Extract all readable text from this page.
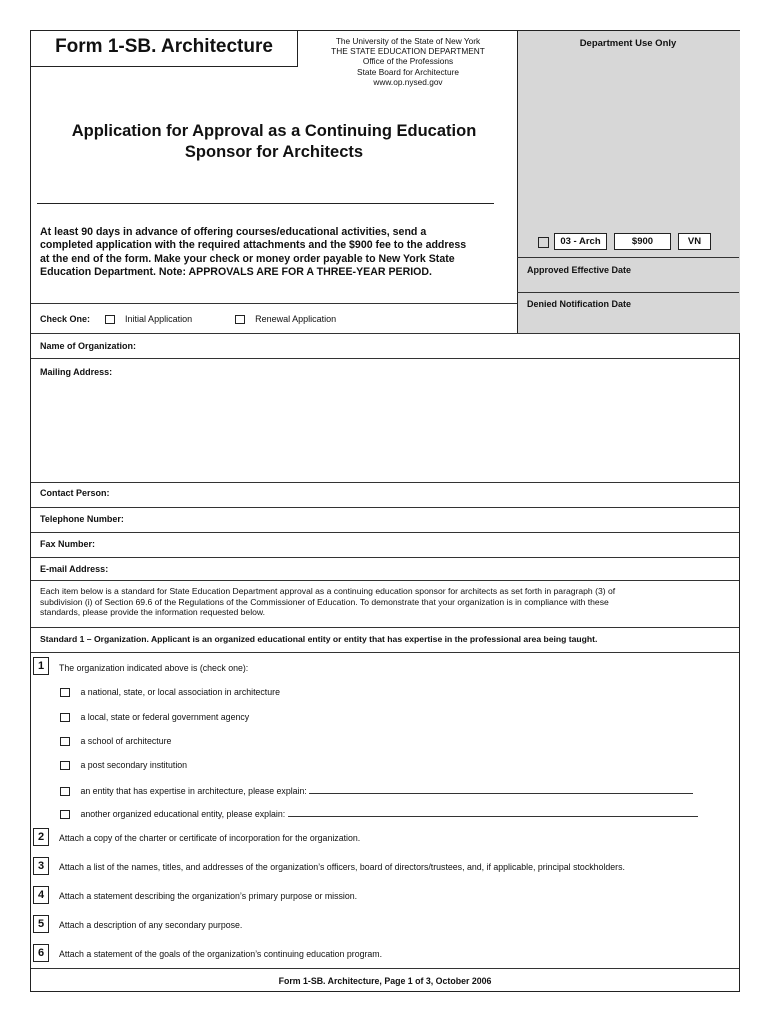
Form 1-SB. Architecture	The University of the State of New York
THE STATE EDUCATION DEPARTMENT
Office of the Professions
State Board for Architecture
www.op.nysed.gov
Application for Approval as a Continuing Education
Sponsor for Architects
At least 90 days in advance of offering courses/educational activities, send a
completed application with the required attachments and the $900 fee to the address
at the end of the form. Make your check or money order payable to New York State
Education Department. Note: APPROVALS ARE FOR A THREE-YEAR PERIOD.
Department Use Only
03 - Arch	$900	VN
Approved Effective Date
Denied Notification Date
Check One:	Initial Application	Renewal Application
Name of Organization:
Mailing Address:
Contact Person:
Telephone Number:
Fax Number:
E-mail Address:
Each item below is a standard for State Education Department approval as a continuing education sponsor for architects as set forth in paragraph (3) of
subdivision (i) of Section 69.6 of the Regulations of the Commissioner of Education. To demonstrate that your organization is in compliance with these
standards, please provide the information requested below.
Standard 1 – Organization. Applicant is an organized educational entity or entity that has expertise in the professional area being taught.
1	The organization indicated above is (check one):
a national, state, or local association in architecture
a local, state or federal government agency
a school of architecture
a post secondary institution
an entity that has expertise in architecture, please explain:
another organized educational entity, please explain:
2	Attach a copy of the charter or certificate of incorporation for the organization.
3	Attach a list of the names, titles, and addresses of the organization’s officers, board of directors/trustees, and, if applicable, principal stockholders.
4	Attach a statement describing the organization’s primary purpose or mission.
5	Attach a description of any secondary purpose.
6	Attach a statement of the goals of the organization’s continuing education program.
Form 1-SB. Architecture, Page 1 of 3, October 2006
